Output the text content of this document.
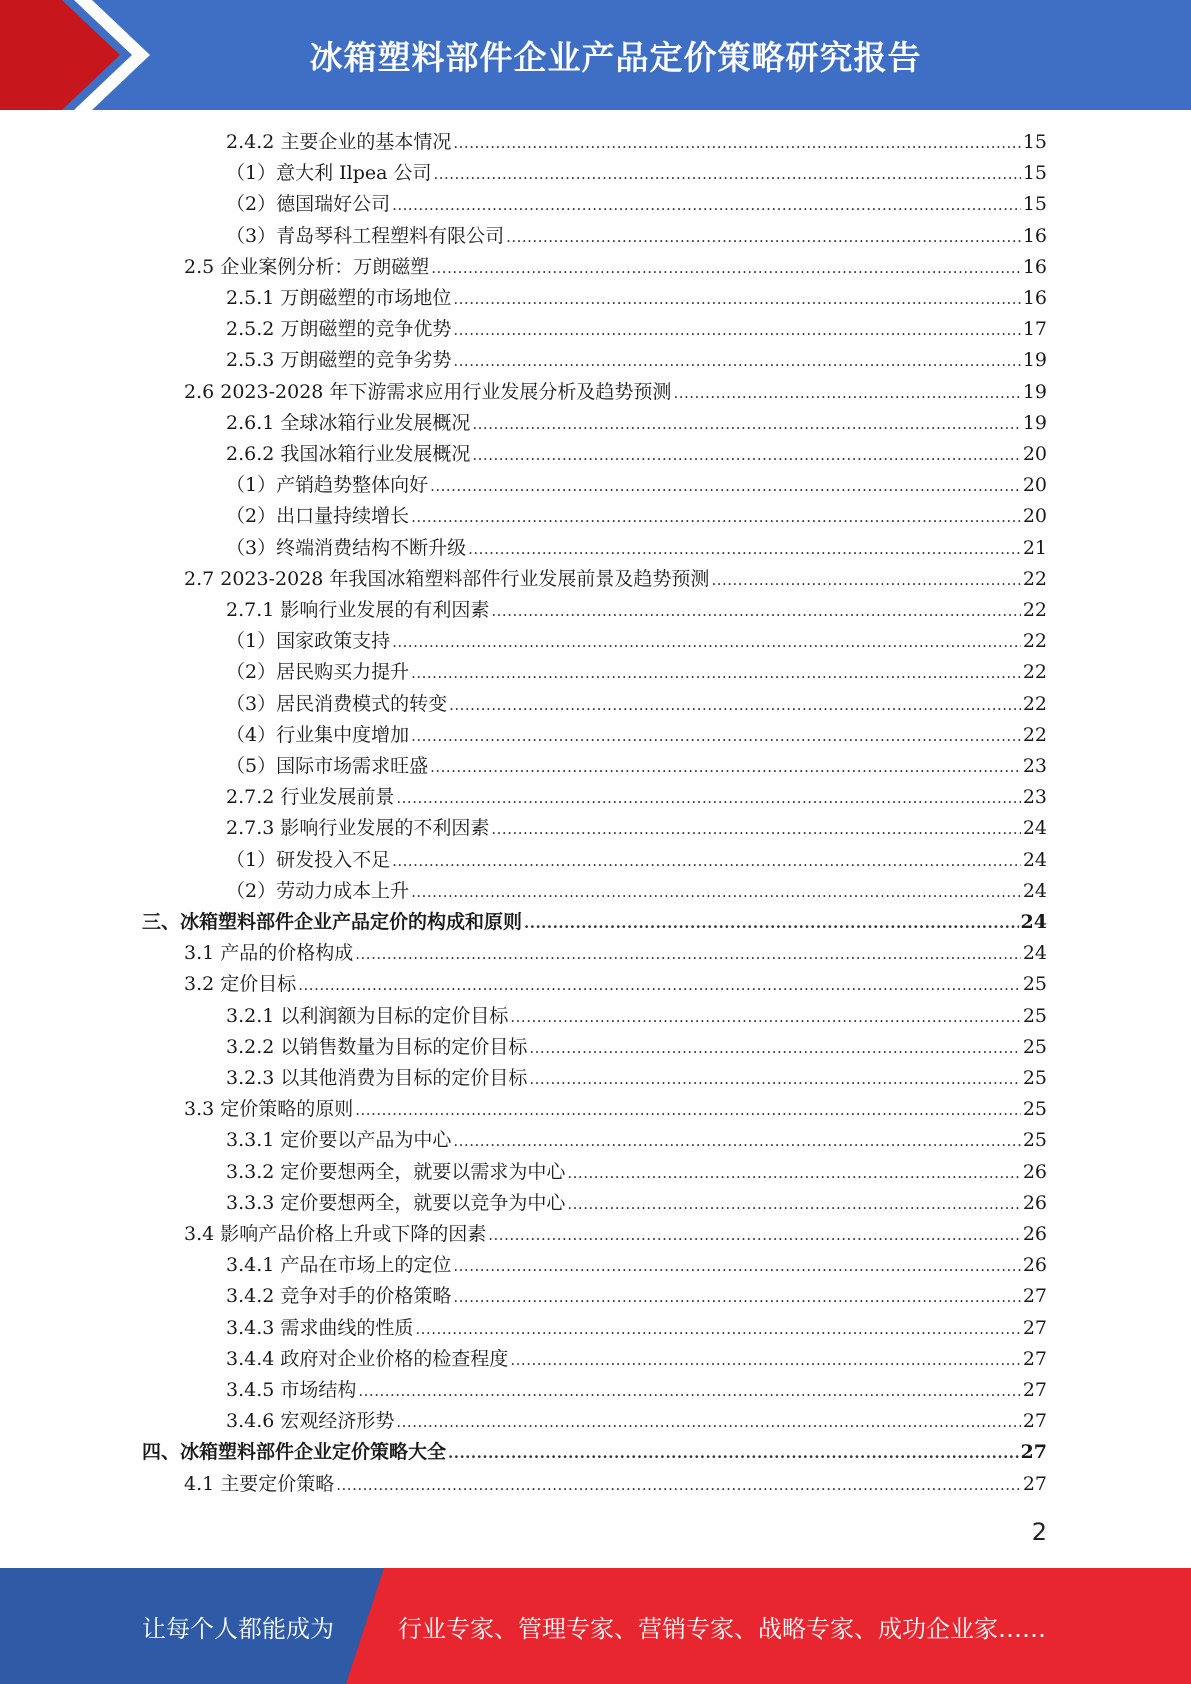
冰箱塑料部件企业产品定价策略研究报告
2.4.2 主要企业的基本情况 .....	15
（1）意大利 Ilpea 公司 .....	15
（2）德国瑞好公司 .....	15
（3）青岛琴科工程塑料有限公司 .....	16
2.5 企业案例分析：万朗磁塑 .....	16
2.5.1 万朗磁塑的市场地位 .....	16
2.5.2 万朗磁塑的竞争优势 .....	17
2.5.3 万朗磁塑的竞争劣势 .....	19
2.6 2023-2028 年下游需求应用行业发展分析及趋势预测 .....	19
2.6.1 全球冰箱行业发展概况 .....	19
2.6.2 我国冰箱行业发展概况 .....	20
（1）产销趋势整体向好 .....	20
（2）出口量持续增长 .....	20
（3）终端消费结构不断升级 .....	21
2.7 2023-2028 年我国冰箱塑料部件行业发展前景及趋势预测 .....	22
2.7.1 影响行业发展的有利因素 .....	22
（1）国家政策支持 .....	22
（2）居民购买力提升 .....	22
（3）居民消费模式的转变 .....	22
（4）行业集中度增加 .....	22
（5）国际市场需求旺盛 .....	23
2.7.2 行业发展前景 .....	23
2.7.3 影响行业发展的不利因素 .....	24
（1）研发投入不足 .....	24
（2）劳动力成本上升 .....	24
三、冰箱塑料部件企业产品定价的构成和原则 .....	24
3.1 产品的价格构成 .....	24
3.2 定价目标 .....	25
3.2.1 以利润额为目标的定价目标 .....	25
3.2.2 以销售数量为目标的定价目标 .....	25
3.2.3 以其他消费为目标的定价目标 .....	25
3.3 定价策略的原则 .....	25
3.3.1 定价要以产品为中心 .....	25
3.3.2 定价要想两全，就要以需求为中心 .....	26
3.3.3 定价要想两全，就要以竞争为中心 .....	26
3.4 影响产品价格上升或下降的因素 .....	26
3.4.1 产品在市场上的定位 .....	26
3.4.2 竞争对手的价格策略 .....	27
3.4.3 需求曲线的性质 .....	27
3.4.4 政府对企业价格的检查程度 .....	27
3.4.5 市场结构 .....	27
3.4.6 宏观经济形势 .....	27
四、冰箱塑料部件企业定价策略大全 .....	27
4.1 主要定价策略 .....	27
2
让每个人都能成为	行业专家、管理专家、营销专家、战略专家、成功企业家……
